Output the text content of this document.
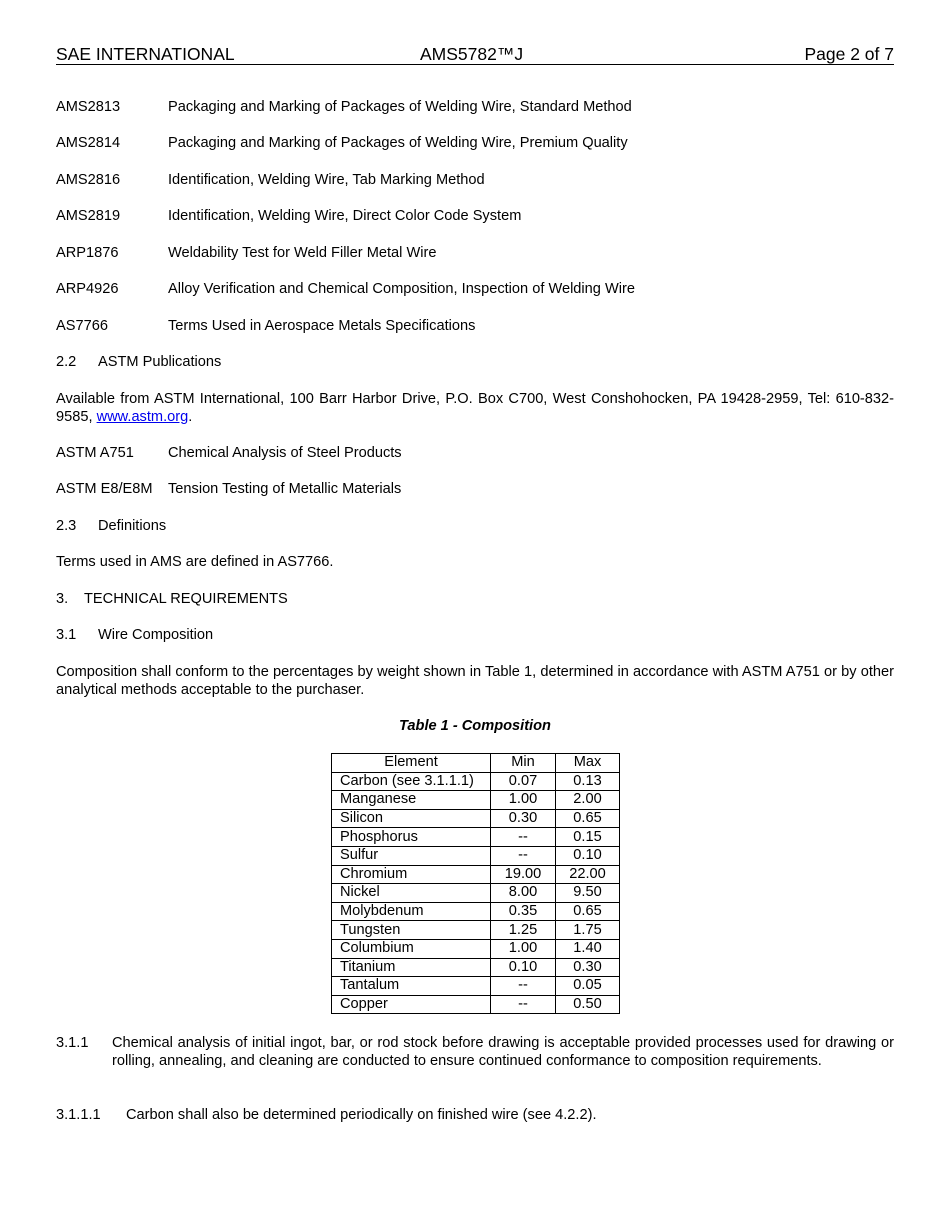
SAE INTERNATIONAL	AMS5782™J	Page 2 of 7
AMS2813	Packaging and Marking of Packages of Welding Wire, Standard Method
AMS2814	Packaging and Marking of Packages of Welding Wire, Premium Quality
AMS2816	Identification, Welding Wire, Tab Marking Method
AMS2819	Identification, Welding Wire, Direct Color Code System
ARP1876	Weldability Test for Weld Filler Metal Wire
ARP4926	Alloy Verification and Chemical Composition, Inspection of Welding Wire
AS7766	Terms Used in Aerospace Metals Specifications
2.2 ASTM Publications
Available from ASTM International, 100 Barr Harbor Drive, P.O. Box C700, West Conshohocken, PA 19428-2959, Tel: 610-832-9585, www.astm.org.
ASTM A751 Chemical Analysis of Steel Products
ASTM E8/E8M Tension Testing of Metallic Materials
2.3 Definitions
Terms used in AMS are defined in AS7766.
3. TECHNICAL REQUIREMENTS
3.1 Wire Composition
Composition shall conform to the percentages by weight shown in Table 1, determined in accordance with ASTM A751 or by other analytical methods acceptable to the purchaser.
Table 1 - Composition
Element	Min	Max
Carbon (see 3.1.1.1)	0.07	0.13
Manganese	1.00	2.00
Silicon	0.30	0.65
Phosphorus	--	0.15
Sulfur	--	0.10
Chromium	19.00	22.00
Nickel	8.00	9.50
Molybdenum	0.35	0.65
Tungsten	1.25	1.75
Columbium	1.00	1.40
Titanium	0.10	0.30
Tantalum	--	0.05
Copper	--	0.50
3.1.1 Chemical analysis of initial ingot, bar, or rod stock before drawing is acceptable provided processes used for drawing or rolling, annealing, and cleaning are conducted to ensure continued conformance to composition requirements.
3.1.1.1 Carbon shall also be determined periodically on finished wire (see 4.2.2).
